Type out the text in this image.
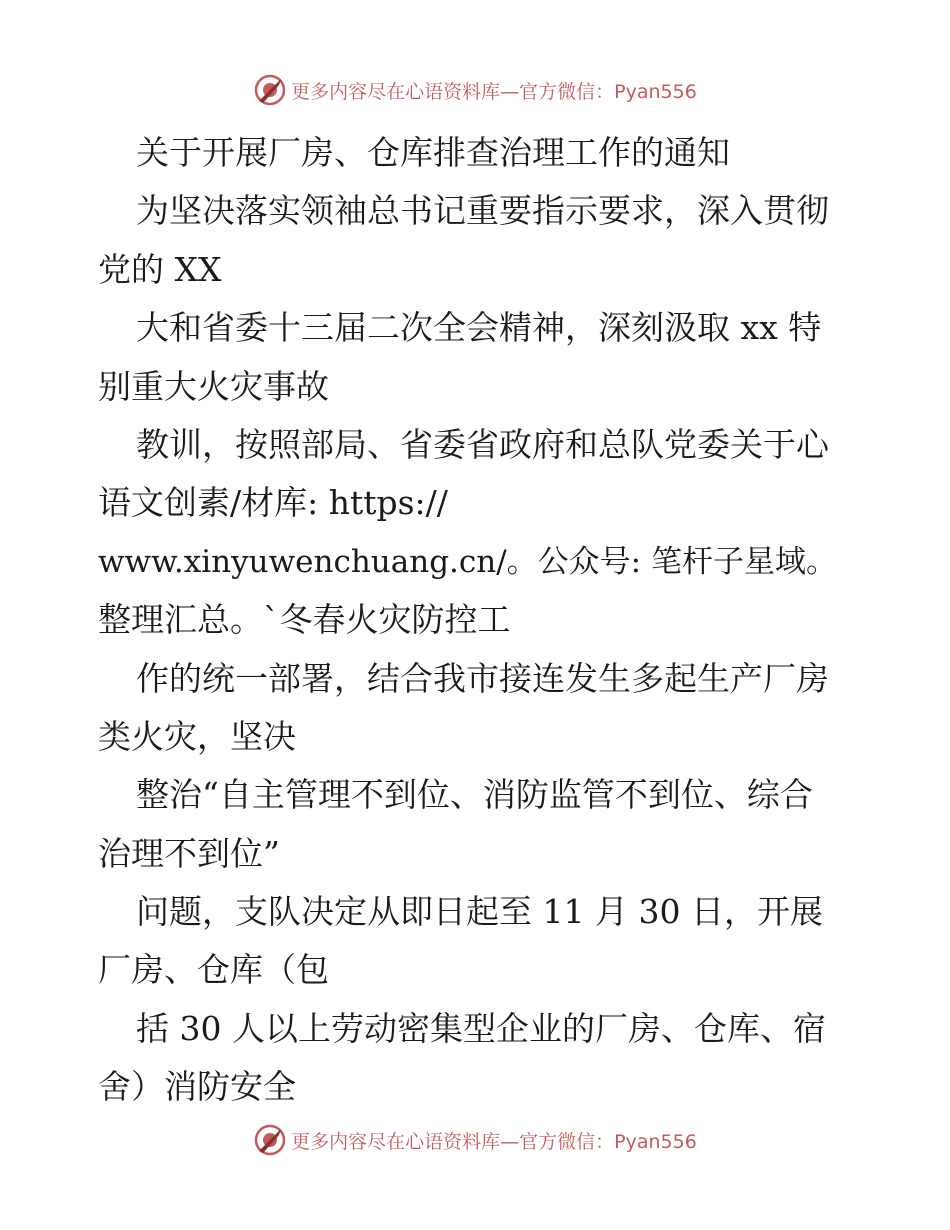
更多内容尽在心语资料库—官方微信：Pyan556
关于开展厂房、仓库排查治理工作的通知
为坚决落实领袖总书记重要指示要求，深入贯彻
党的 XX
大和省委十三届二次全会精神，深刻汲取 xx 特
别重大火灾事故
教训，按照部局、省委省政府和总队党委关于心
语文创素/材库: https://
www.xinyuwenchuang.cn/。公众号: 笔杆子星域。
整理汇总。`冬春火灾防控工
作的统一部署，结合我市接连发生多起生产厂房
类火灾，坚决
整治“自主管理不到位、消防监管不到位、综合
治理不到位”
问题，支队决定从即日起至 11 月 30 日，开展
厂房、仓库（包
括 30 人以上劳动密集型企业的厂房、仓库、宿
舍）消防安全
更多内容尽在心语资料库—官方微信：Pyan556
